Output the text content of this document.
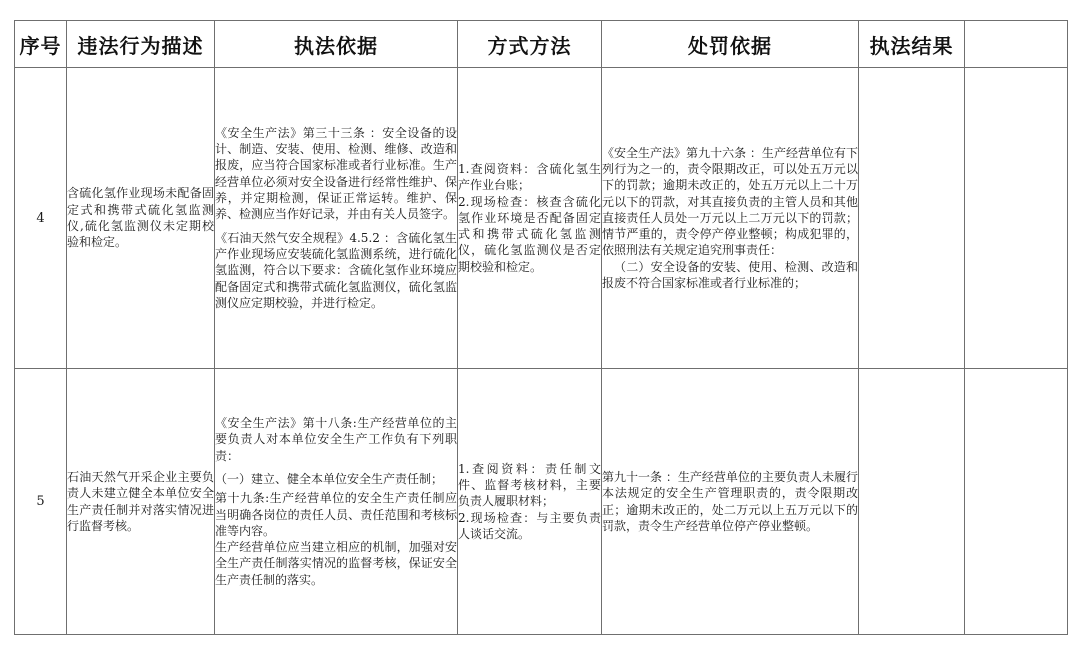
序号	违法行为描述	执法依据	方式方法	处罚依据	执法结果	
4	含硫化氢作业现场未配备固定式和携带式硫化氢监测仪,硫化氢监测仪未定期校验和检定。	《安全生产法》第三十三条 ：安全设备的设计、制造、安装、使用、检测、维修、改造和报废，应当符合国家标准或者行业标准。生产经营单位必须对安全设备进行经常性维护、保养，并定期检测，保证正常运转。维护、保养、检测应当作好记录，并由有关人员签字。
《石油天然气安全规程》4.5.2 ：含硫化氢生产作业现场应安装硫化氢监测系统，进行硫化氢监测，符合以下要求：含硫化氢作业环境应配备固定式和携带式硫化氢监测仪，硫化氢监测仪应定期校验，并进行检定。	1.查阅资料：含硫化氢生产作业台账；
2.现场检查：核查含硫化氢作业环境是否配备固定式和携带式硫化氢监测仪，硫化氢监测仪是否定期校验和检定。	《安全生产法》第九十六条 ：生产经营单位有下列行为之一的，责令限期改正，可以处五万元以下的罚款；逾期未改正的，处五万元以上二十万元以下的罚款，对其直接负责的主管人员和其他直接责任人员处一万元以上二万元以下的罚款；情节严重的，责令停产停业整顿；构成犯罪的，依照刑法有关规定追究刑事责任：
（二）安全设备的安装、使用、检测、改造和报废不符合国家标准或者行业标准的；		

5	石油天然气开采企业主要负责人未建立健全本单位安全生产责任制并对落实情况进行监督考核。	《安全生产法》第十八条:生产经营单位的主要负责人对本单位安全生产工作负有下列职责：
（一）建立、健全本单位安全生产责任制；
第十九条:生产经营单位的安全生产责任制应当明确各岗位的责任人员、责任范围和考核标准等内容。
生产经营单位应当建立相应的机制，加强对安全生产责任制落实情况的监督考核，保证安全生产责任制的落实。	1.查阅资料：责任制文件、监督考核材料，主要负责人履职材料；
2.现场检查：与主要负责人谈话交流。	第九十一条 ：生产经营单位的主要负责人未履行本法规定的安全生产管理职责的，责令限期改正；逾期未改正的，处二万元以上五万元以下的罚款，责令生产经营单位停产停业整顿。		
